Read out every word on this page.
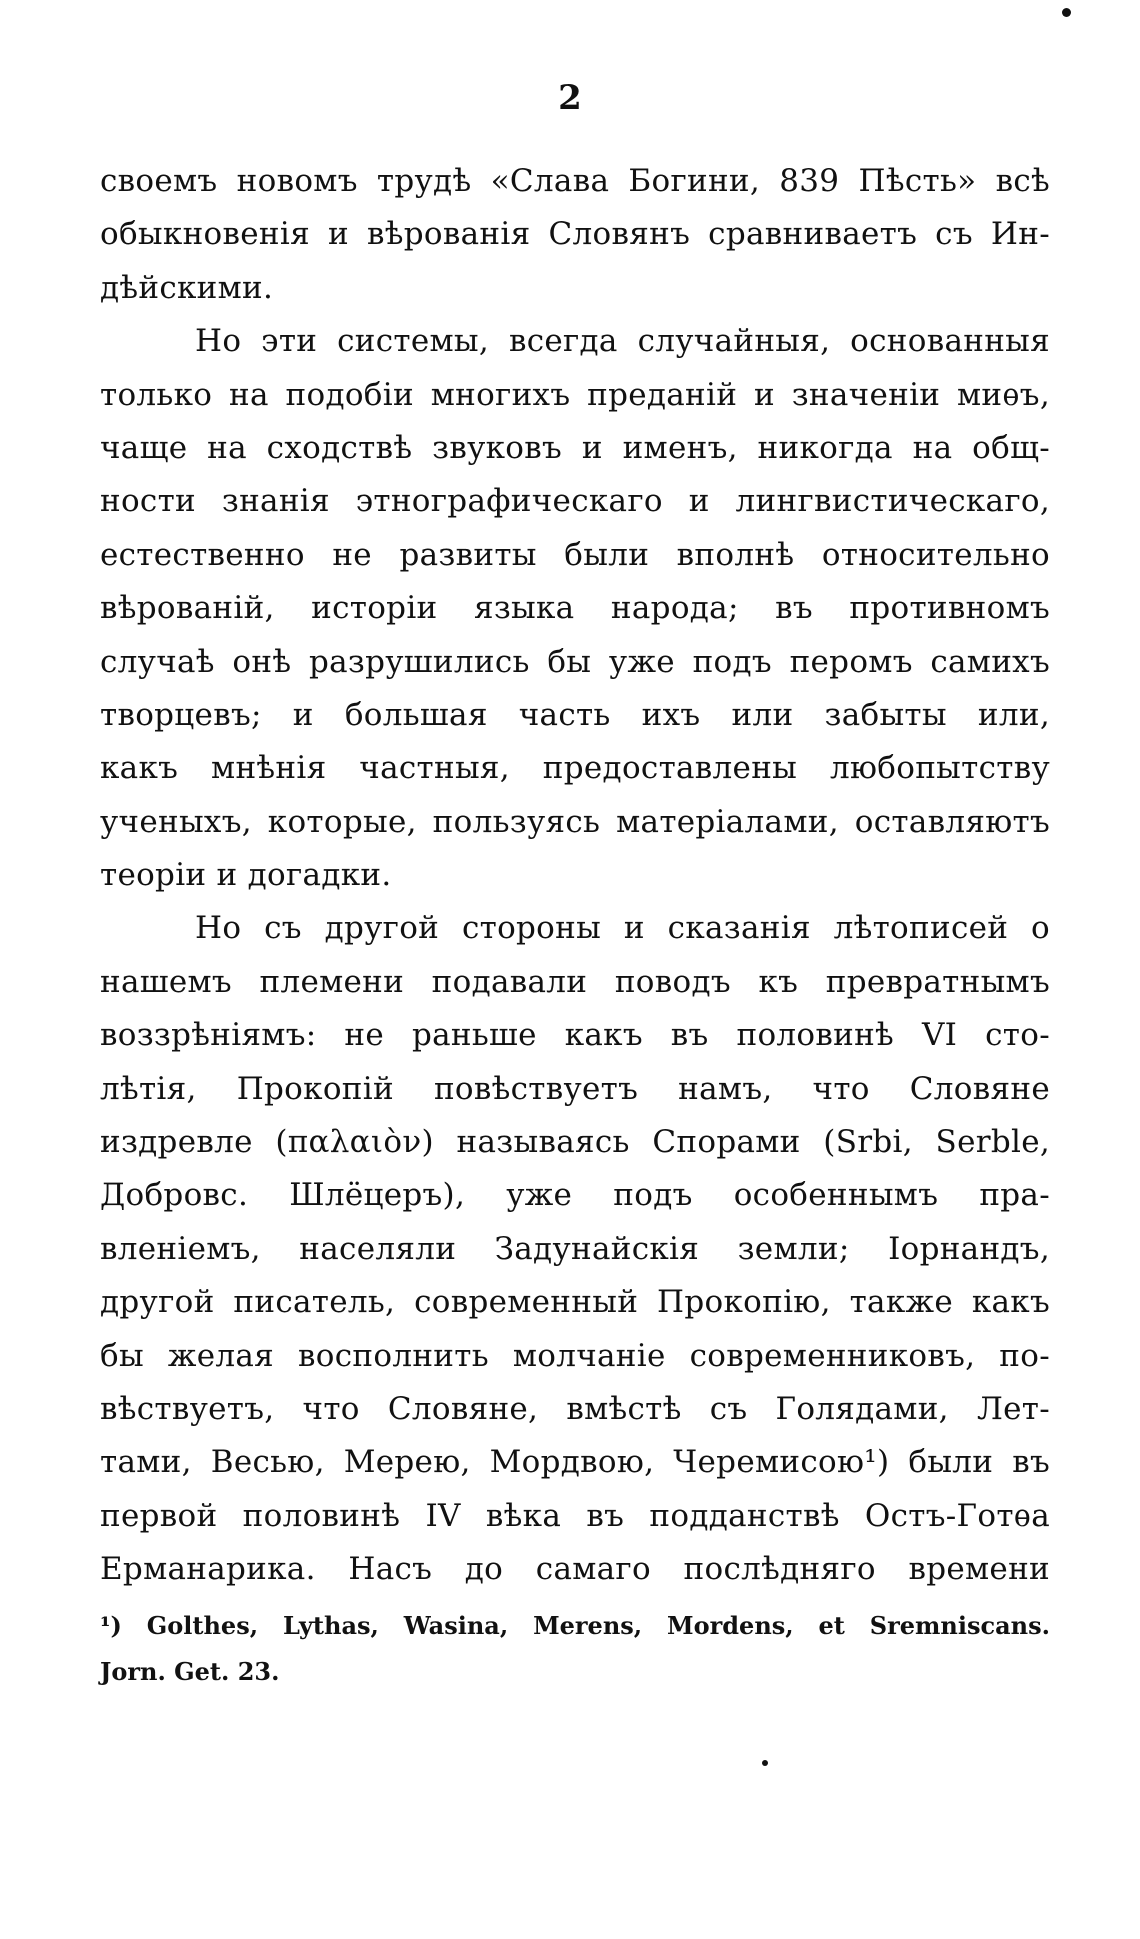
2
своемъ новомъ трудѣ «Слава Богини, 839 Пѣсть» всѣ
обыкновенія и вѣрованія Словянъ сравниваетъ съ Ин-
дѣйскими.
Но эти системы, всегда случайныя, основанныя
только на подобіи многихъ преданій и значеніи миѳъ,
чаще на сходствѣ звуковъ и именъ, никогда на общ-
ности знанія этнографическаго и лингвистическаго,
естественно не развиты были вполнѣ относительно
вѣрованій, исторіи языка народа; въ противномъ
случаѣ онѣ разрушились бы уже подъ перомъ самихъ
творцевъ; и большая часть ихъ или забыты или,
какъ мнѣнія частныя, предоставлены любопытству
ученыхъ, которые, пользуясь матеріалами, оставляютъ
теоріи и догадки.
Но съ другой стороны и сказанія лѣтописей о
нашемъ племени подавали поводъ къ превратнымъ
воззрѣніямъ: не раньше какъ въ половинѣ VI сто-
лѣтія, Прокопій повѣствуетъ намъ, что Словяне
издревле (παλαιὸν) называясь Спорами (Srbi, Serble,
Добровс. Шлёцеръ), уже подъ особеннымъ пра-
вленіемъ, населяли Задунайскія земли; Іорнандъ,
другой писатель, современный Прокопію, также какъ
бы желая восполнить молчаніе современниковъ, по-
вѣствуетъ, что Словяне, вмѣстѣ съ Голядами, Лет-
тами, Весью, Мерею, Мордвою, Черемисою¹) были въ
первой половинѣ IV вѣка въ подданствѣ Остъ-Готѳа
Ерманарика. Насъ до самаго послѣдняго времени
¹) Golthes, Lythas, Wasina, Merens, Mordens, et Sremniscans.
Jorn. Get. 23.
